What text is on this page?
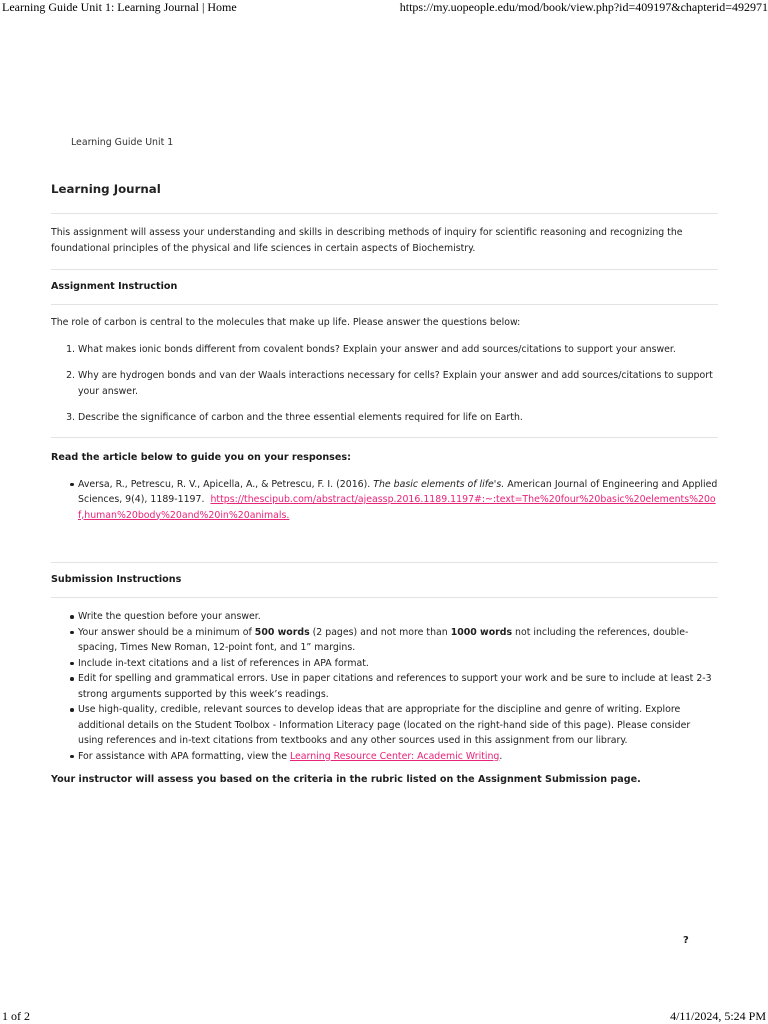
Learning Guide Unit 1: Learning Journal | Home	https://my.uopeople.edu/mod/book/view.php?id=409197&chapterid=492971
Learning Guide Unit 1
Learning Journal

This assignment will assess your understanding and skills in describing methods of inquiry for scientific reasoning and recognizing the foundational principles of the physical and life sciences in certain aspects of Biochemistry.

Assignment Instruction

The role of carbon is central to the molecules that make up life. Please answer the questions below:

1. What makes ionic bonds different from covalent bonds? Explain your answer and add sources/citations to support your answer.
2. Why are hydrogen bonds and van der Waals interactions necessary for cells? Explain your answer and add sources/citations to support your answer.
3. Describe the significance of carbon and the three essential elements required for life on Earth.
Read the article below to guide you on your responses:
Aversa, R., Petrescu, R. V., Apicella, A., & Petrescu, F. I. (2016). The basic elements of life's. American Journal of Engineering and Applied Sciences, 9(4), 1189-1197. https://thescipub.com/abstract/ajeassp.2016.1189.1197#:~:text=The%20four%20basic%20elements%20of,human%20body%20and%20in%20animals.
Submission Instructions
Write the question before your answer.
Your answer should be a minimum of 500 words (2 pages) and not more than 1000 words not including the references, double-spacing, Times New Roman, 12-point font, and 1” margins.
Include in-text citations and a list of references in APA format.
Edit for spelling and grammatical errors. Use in paper citations and references to support your work and be sure to include at least 2-3 strong arguments supported by this week’s readings.
Use high-quality, credible, relevant sources to develop ideas that are appropriate for the discipline and genre of writing. Explore additional details on the Student Toolbox - Information Literacy page (located on the right-hand side of this page). Please consider using references and in-text citations from textbooks and any other sources used in this assignment from our library.
For assistance with APA formatting, view the Learning Resource Center: Academic Writing.

Your instructor will assess you based on the criteria in the rubric listed on the Assignment Submission page.

?
1 of 2	4/11/2024, 5:24 PM
